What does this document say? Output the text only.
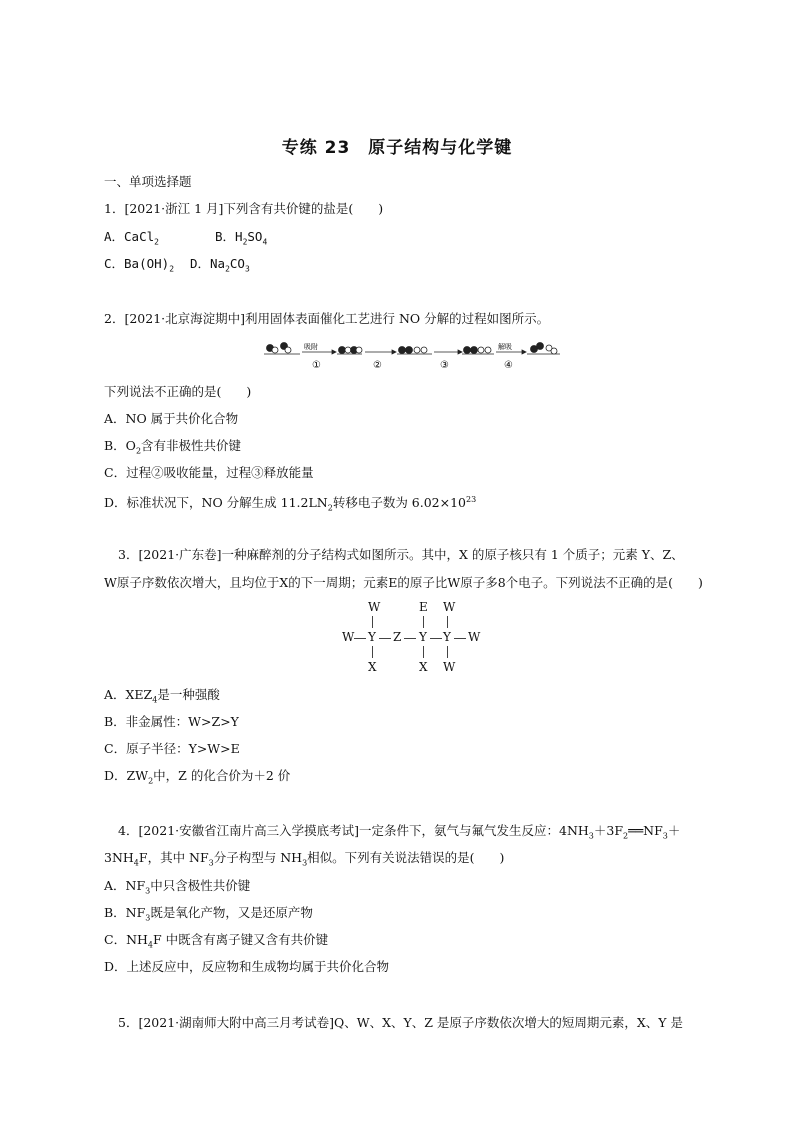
专练 23　原子结构与化学键
一、单项选择题
1．[2021·浙江 1 月]下列含有共价键的盐是(　　)
A．CaCl$_2$	B．$H_2SO_4$
C．$Ba(OH)_2$ D．$Na_2CO_3$
2．[2021·北京海淀期中]利用固体表面催化工艺进行 NO 分解的过程如图所示。
吸附	解吸
①	②	③	④
下列说法不正确的是(　　)
A．NO 属于共价化合物
B．$O_2$含有非极性共价键
C．过程②吸收能量，过程③释放能量
D．标准状况下，NO 分解生成 $11.2LN_2$转移电子数为 $6.02\times 10^{23}$
3．[2021·广东卷]一种麻醉剂的分子结构式如图所示。其中，X 的原子核只有 1 个质子；元素 Y、Z、
W原子序数依次增大，且均位于X的下一周期；元素E的原子比W原子多8个电子。下列说法不正确的是(　　)
W	E W
W Y Z Y Y W
X	X W
A．$XEZ_4$是一种强酸
B．非金属性：W>Z>Y
C．原子半径：Y>W>E
D．$ZW_2$中，Z 的化合价为＋2 价
4．[2021·安徽省江南片高三入学摸底考试]一定条件下，氨气与氟气发生反应：$4NH_3+3F_2══NF_3+$
$3NH_4F$，其中 $NF_3$分子构型与 $NH_3$相似。下列有关说法错误的是(　　)
A．$NF_3$中只含极性共价键
B．$NF_3$既是氧化产物，又是还原产物
C．$NH_4F$ 中既含有离子键又含有共价键
D．上述反应中，反应物和生成物均属于共价化合物
5．[2021·湖南师大附中高三月考试卷]Q、W、X、Y、Z 是原子序数依次增大的短周期元素，X、Y 是
